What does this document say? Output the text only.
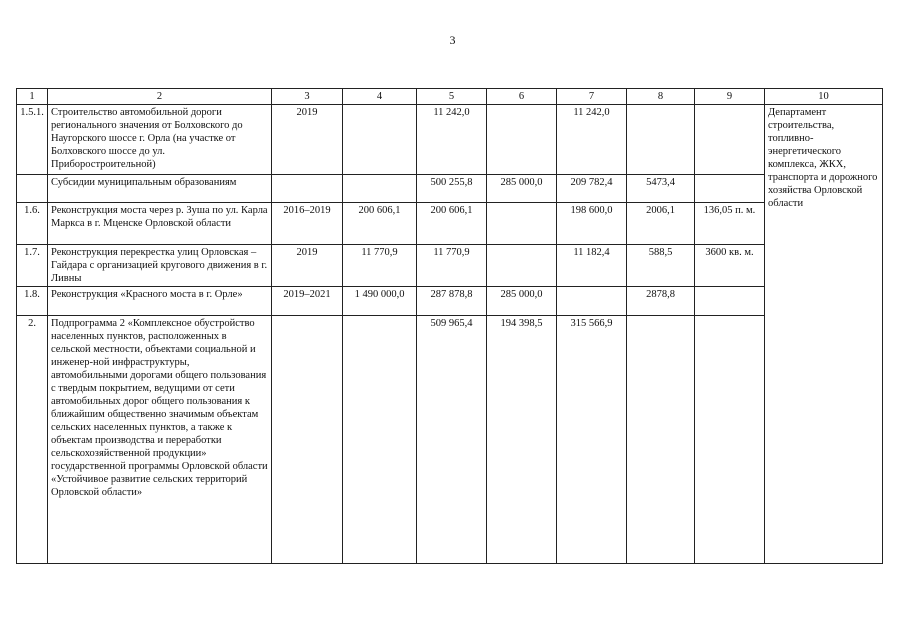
3
1	2	3	4	5	6	7	8	9	10
1.5.1.	Строительство автомобильной дороги регионального значения от Болховского до Наугорского шоссе г. Орла (на участке от Болховского шоссе до ул. Приборостроительной)	2019		11 242,0		11 242,0			Департамент строительства, топливно-энергетического комплекса, ЖКХ, транспорта и дорожного хозяйства Орловской области
	Субсидии муниципальным образованиям			500 255,8	285 000,0	209 782,4	5473,4		
1.6.	Реконструкция моста через р. Зуша по ул. Карла Маркса в г. Мценске Орловской области	2016–2019	200 606,1	200 606,1		198 600,0	2006,1	136,05 п. м.	
1.7.	Реконструкция перекрестка улиц Орловская – Гайдара с организацией кругового движения в г. Ливны	2019	11 770,9	11 770,9		11 182,4	588,5	3600 кв. м.	
1.8.	Реконструкция «Красного моста в г. Орле»	2019–2021	1 490 000,0	287 878,8	285 000,0		2878,8		
2.	Подпрограмма 2 «Комплексное обустройство населенных пунктов, расположенных в сельской местности, объектами социальной и инженер-ной инфраструктуры, автомобильными дорогами общего пользования с твердым покрытием, ведущими от сети автомобильных дорог общего пользования к ближайшим общественно значимым объектам сельских населенных пунктов, а также к объектам производства и переработки сельскохозяйственной продукции» государственной программы Орловской области «Устойчивое развитие сельских территорий Орловской области»			509 965,4	194 398,5	315 566,9			
